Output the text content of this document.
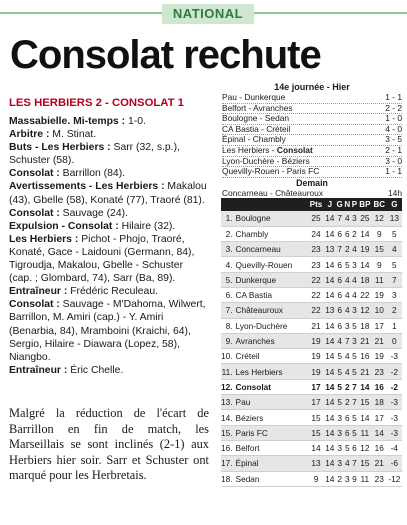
NATIONAL
Consolat rechute
LES HERBIERS 2 - CONSOLAT 1
Massabielle. Mi-temps : 1-0.
Arbitre : M. Stinat.
Buts - Les Herbiers : Sarr (32, s.p.), Schuster (58).
Consolat : Barrillon (84).
Avertissements - Les Herbiers : Makalou (43), Gbelle (58), Konaté (77), Traoré (81).
Consolat : Sauvage (24).
Expulsion - Consolat : Hilaire (32).
Les Herbiers : Pichot - Phojo, Traoré, Konaté, Gace - Laidouni (Germann, 84), Tigroudja, Makalou, Gbelle - Schuster (cap. ; Glombard, 74), Sarr (Ba, 89).
Entraîneur : Frédéric Reculeau.
Consolat : Sauvage - M'Dahoma, Wilwert, Barrillon, M. Amiri (cap.) - Y. Amiri (Benarbia, 84), Mramboini (Kraichi, 64), Sergio, Hilaire - Diawara (Lopez, 58), Niangbo.
Entraîneur : Éric Chelle.

Malgré la réduction de l'écart de Barrillon en fin de match, les Marseillais se sont inclinés (2-1) aux Herbiers hier soir. Sarr et Schuster ont marqué pour les Herbretais.

14e journée - Hier
Pau - Dunkerque	1 - 1
Belfort - Avranches	2 - 2
Boulogne - Sedan	1 - 0
CA Bastia - Créteil	4 - 0
Épinal - Chambly	3 - 5
Les Herbiers - Consolat	2 - 1
Lyon-Duchère - Béziers	3 - 0
Quevilly-Rouen - Paris FC	1 - 1
Demain
Concarneau - Châteauroux	14h
		Pts	J	G	N	P	BP	BC	G
1.	Boulogne	25	14	7	4	3	25	12	13
2.	Chambly	24	14	6	6	2	14	9	5
3.	Concarneau	23	13	7	2	4	19	15	4
4.	Quevilly-Rouen	23	14	6	5	3	14	9	5
5.	Dunkerque	22	14	6	4	4	18	11	7
6.	CA Bastia	22	14	6	4	4	22	19	3
7.	Châteauroux	22	13	6	4	3	12	10	2
8.	Lyon-Duchère	21	14	6	3	5	18	17	1
9.	Avranches	19	14	4	7	3	21	21	0
10.	Créteil	19	14	5	4	5	16	19	-3
11.	Les Herbiers	19	14	5	4	5	21	23	-2
12.	Consolat	17	14	5	2	7	14	16	-2
13.	Pau	17	14	5	2	7	15	18	-3
14.	Béziers	15	14	3	6	5	14	17	-3
15.	Paris FC	15	14	3	6	5	11	14	-3
16.	Belfort	14	14	3	5	6	12	16	-4
17.	Épinal	13	14	3	4	7	15	21	-6
18.	Sedan	9	14	2	3	9	11	23	-12
